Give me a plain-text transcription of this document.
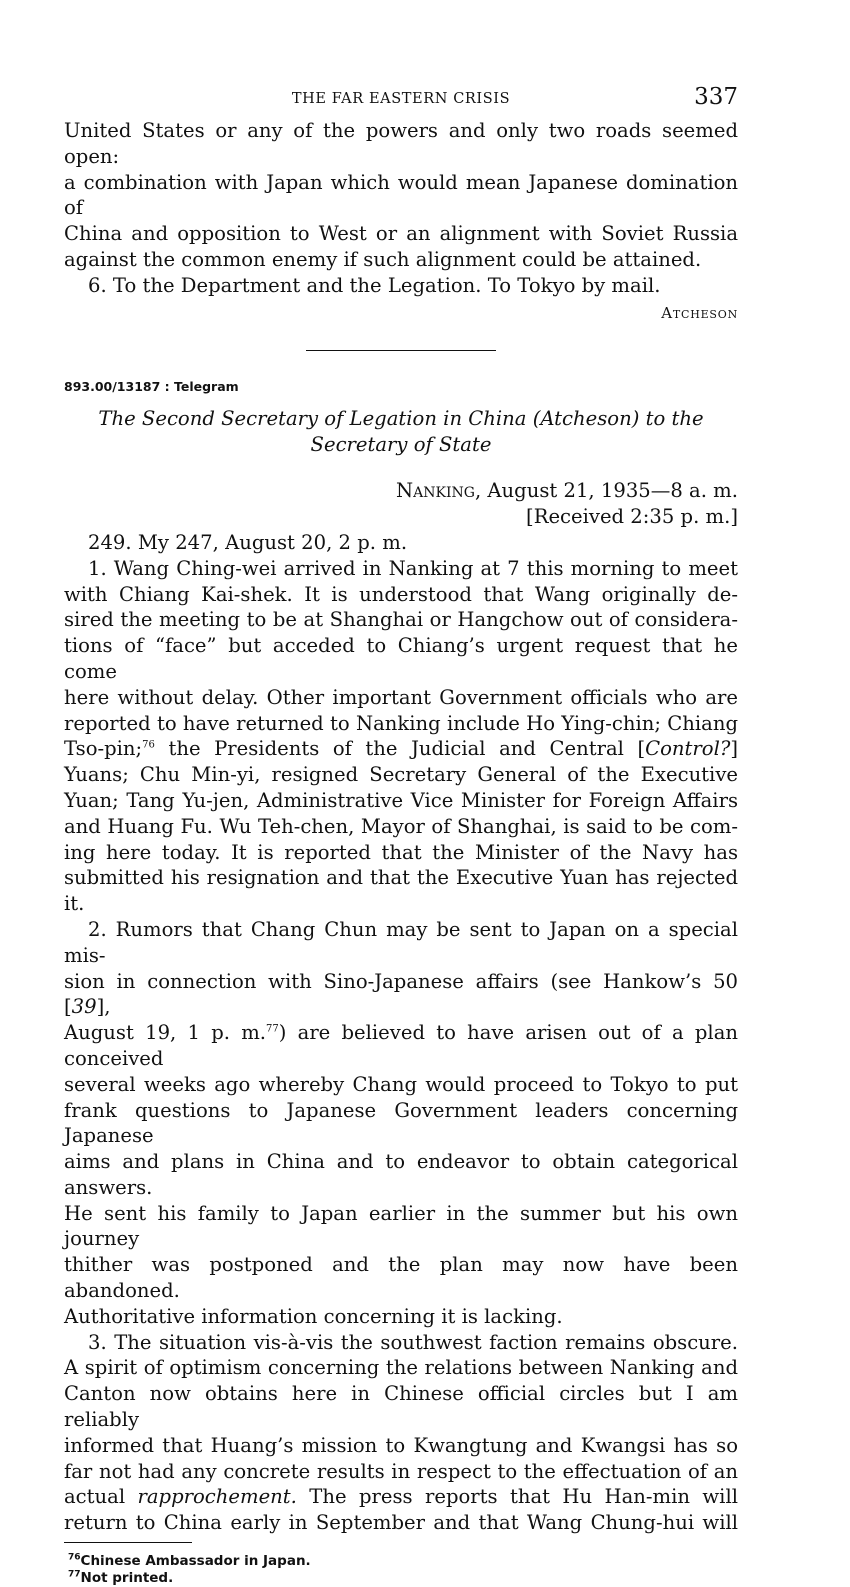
THE FAR EASTERN CRISIS	337

United States or any of the powers and only two roads seemed open:

a combination with Japan which would mean Japanese domination of

China and opposition to West or an alignment with Soviet Russia

against the common enemy if such alignment could be attained.

6. To the Department and the Legation. To Tokyo by mail.

Atcheson

893.00/13187 : Telegram
The Second Secretary of Legation in China (Atcheson) to the
Secretary of State

Nanking, August 21, 1935—8 a. m.

[Received 2:35 p. m.]

249. My 247, August 20, 2 p. m.

1. Wang Ching-wei arrived in Nanking at 7 this morning to meet

with Chiang Kai-shek. It is understood that Wang originally de-

sired the meeting to be at Shanghai or Hangchow out of considera-

tions of “face” but acceded to Chiang’s urgent request that he come

here without delay. Other important Government officials who are

reported to have returned to Nanking include Ho Ying-chin; Chiang

Tso-pin;$^{76}$ the Presidents of the Judicial and Central [Control?]

Yuans; Chu Min-yi, resigned Secretary General of the Executive

Yuan; Tang Yu-jen, Administrative Vice Minister for Foreign Affairs

and Huang Fu. Wu Teh-chen, Mayor of Shanghai, is said to be com-

ing here today. It is reported that the Minister of the Navy has

submitted his resignation and that the Executive Yuan has rejected it.

2. Rumors that Chang Chun may be sent to Japan on a special mis-

sion in connection with Sino-Japanese affairs (see Hankow’s 50 [39],

August 19, 1 p. m.$^{77}$) are believed to have arisen out of a plan conceived

several weeks ago whereby Chang would proceed to Tokyo to put

frank questions to Japanese Government leaders concerning Japanese

aims and plans in China and to endeavor to obtain categorical answers.

He sent his family to Japan earlier in the summer but his own journey

thither was postponed and the plan may now have been abandoned.

Authoritative information concerning it is lacking.

3. The situation vis-à-vis the southwest faction remains obscure.

A spirit of optimism concerning the relations between Nanking and

Canton now obtains here in Chinese official circles but I am reliably

informed that Huang’s mission to Kwangtung and Kwangsi has so

far not had any concrete results in respect to the effectuation of an

actual rapprochement. The press reports that Hu Han-min will

return to China early in September and that Wang Chung-hui will

$^{76}$Chinese Ambassador in Japan.
$^{77}$Not printed.
